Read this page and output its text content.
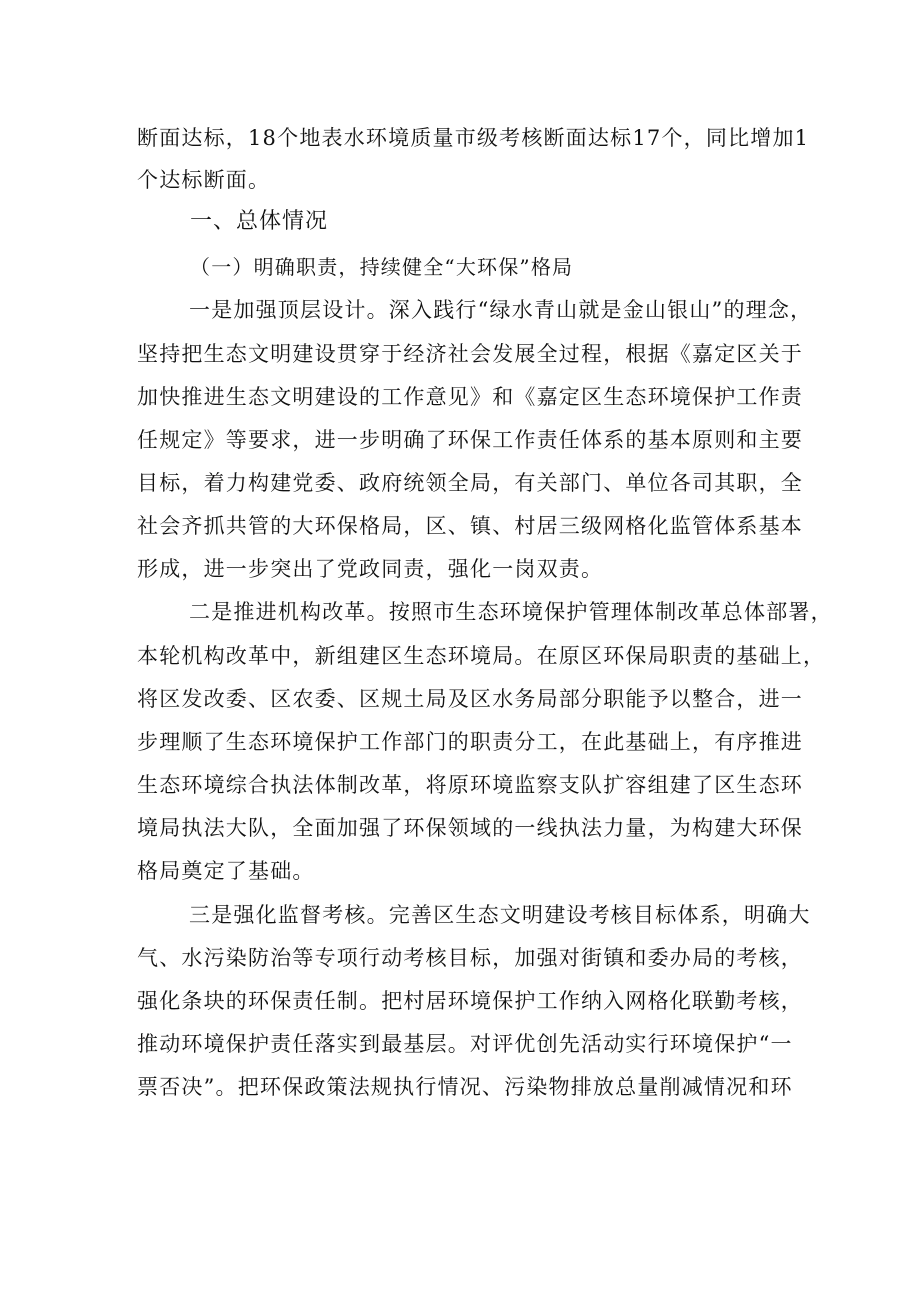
断面达标，18个地表水环境质量市级考核断面达标17个，同比增加1
个达标断面。
一、总体情况
（一）明确职责，持续健全“大环保”格局
一是加强顶层设计。深入践行“绿水青山就是金山银山”的理念，
坚持把生态文明建设贯穿于经济社会发展全过程，根据《嘉定区关于
加快推进生态文明建设的工作意见》和《嘉定区生态环境保护工作责
任规定》等要求，进一步明确了环保工作责任体系的基本原则和主要
目标，着力构建党委、政府统领全局，有关部门、单位各司其职，全
社会齐抓共管的大环保格局，区、镇、村居三级网格化监管体系基本
形成，进一步突出了党政同责，强化一岗双责。
二是推进机构改革。按照市生态环境保护管理体制改革总体部署，
本轮机构改革中，新组建区生态环境局。在原区环保局职责的基础上，
将区发改委、区农委、区规土局及区水务局部分职能予以整合，进一
步理顺了生态环境保护工作部门的职责分工，在此基础上，有序推进
生态环境综合执法体制改革，将原环境监察支队扩容组建了区生态环
境局执法大队，全面加强了环保领域的一线执法力量，为构建大环保
格局奠定了基础。
三是强化监督考核。完善区生态文明建设考核目标体系，明确大
气、水污染防治等专项行动考核目标，加强对街镇和委办局的考核，
强化条块的环保责任制。把村居环境保护工作纳入网格化联勤考核，
推动环境保护责任落实到最基层。对评优创先活动实行环境保护“一
票否决”。把环保政策法规执行情况、污染物排放总量削减情况和环
